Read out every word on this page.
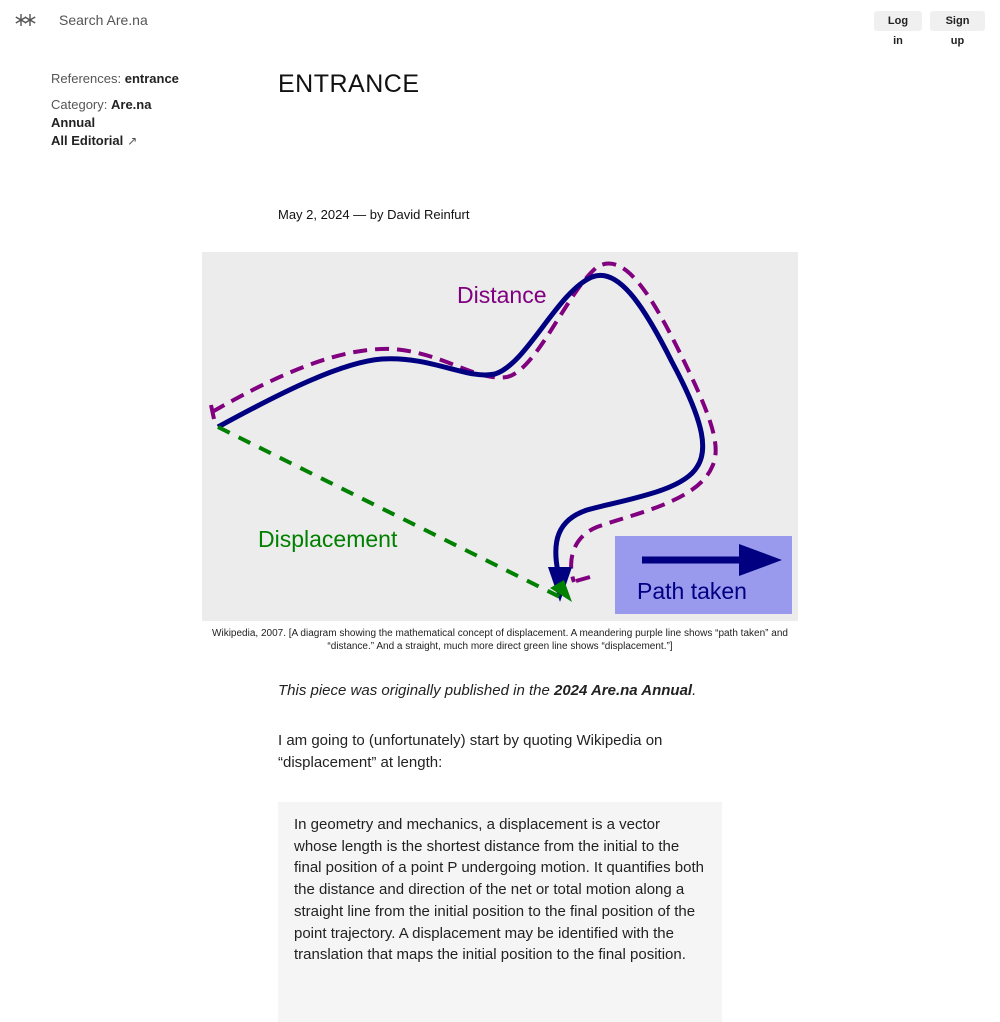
Search Are.na
Log in
Sign up
References: entrance
Category: Are.na
Annual
All Editorial ↗
ENTRANCE
May 2, 2024 — by David Reinfurt
Distance
Displacement
Path taken
Wikipedia, 2007. [A diagram showing the mathematical concept of displacement. A meandering purple line shows “path taken” and “distance.” And a straight, much more direct green line shows “displacement.”]
This piece was originally published in the 2024 Are.na Annual.
I am going to (unfortunately) start by quoting Wikipedia on “displacement” at length:

In geometry and mechanics, a displacement is a vector whose length is the shortest distance from the initial to the final position of a point P undergoing motion. It quantifies both the distance and direction of the net or total motion along a straight line from the initial position to the final position of the point trajectory. A displacement may be identified with the translation that maps the initial position to the final position.
